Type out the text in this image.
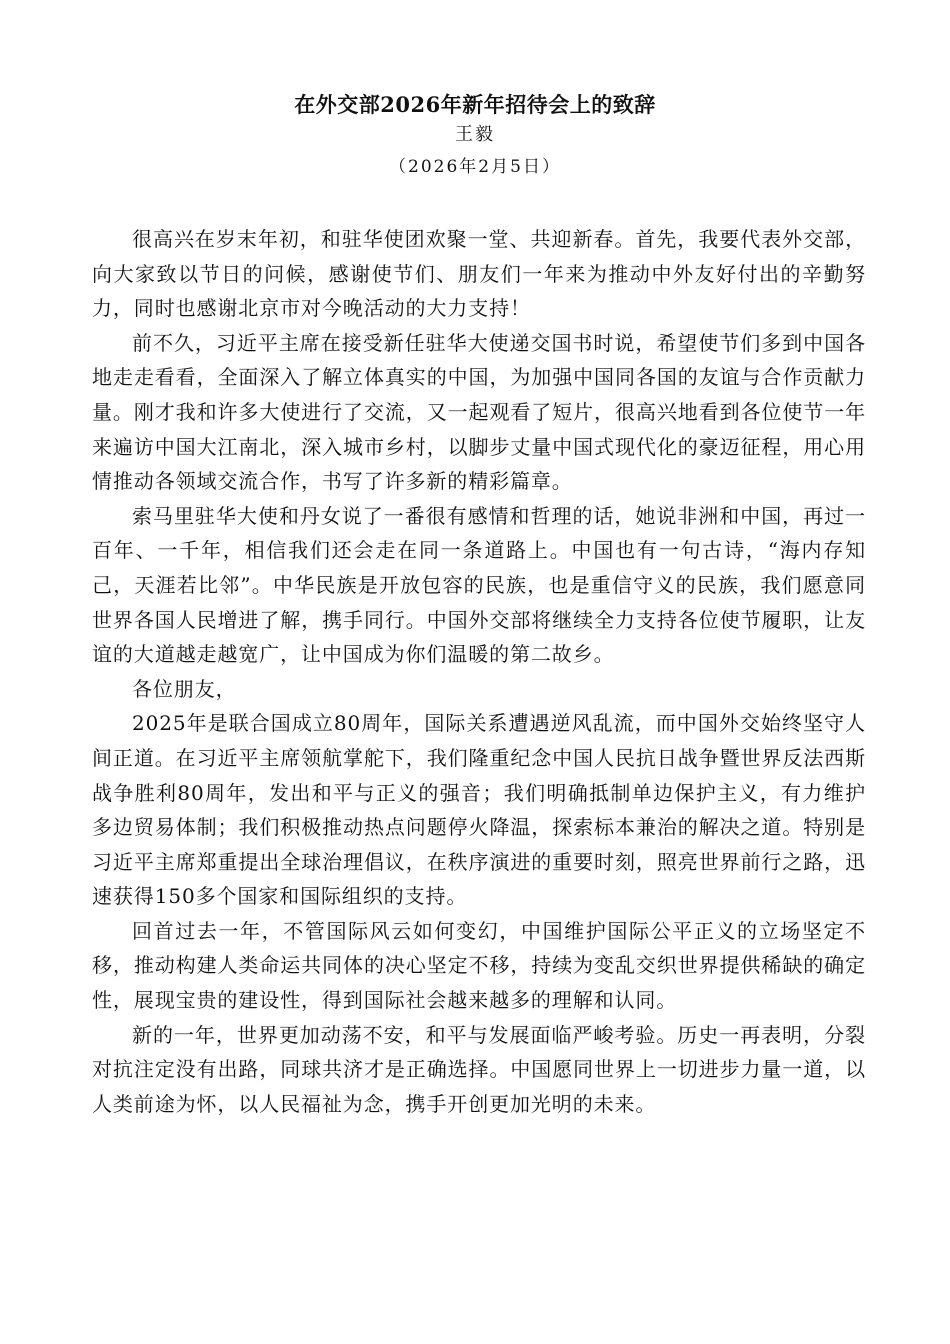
在外交部2026年新年招待会上的致辞

王毅

（2026年2月5日）

很高兴在岁末年初，和驻华使团欢聚一堂、共迎新春。首先，我要代表外交部，向大家致以节日的问候，感谢使节们、朋友们一年来为推动中外友好付出的辛勤努力，同时也感谢北京市对今晚活动的大力支持！

前不久，习近平主席在接受新任驻华大使递交国书时说，希望使节们多到中国各地走走看看，全面深入了解立体真实的中国，为加强中国同各国的友谊与合作贡献力量。刚才我和许多大使进行了交流，又一起观看了短片，很高兴地看到各位使节一年来遍访中国大江南北，深入城市乡村，以脚步丈量中国式现代化的豪迈征程，用心用情推动各领域交流合作，书写了许多新的精彩篇章。

索马里驻华大使和丹女说了一番很有感情和哲理的话，她说非洲和中国，再过一百年、一千年，相信我们还会走在同一条道路上。中国也有一句古诗，“海内存知己，天涯若比邻”。中华民族是开放包容的民族，也是重信守义的民族，我们愿意同世界各国人民增进了解，携手同行。中国外交部将继续全力支持各位使节履职，让友谊的大道越走越宽广，让中国成为你们温暖的第二故乡。

各位朋友，

2025年是联合国成立80周年，国际关系遭遇逆风乱流，而中国外交始终坚守人间正道。在习近平主席领航掌舵下，我们隆重纪念中国人民抗日战争暨世界反法西斯战争胜利80周年，发出和平与正义的强音；我们明确抵制单边保护主义，有力维护多边贸易体制；我们积极推动热点问题停火降温，探索标本兼治的解决之道。特别是习近平主席郑重提出全球治理倡议，在秩序演进的重要时刻，照亮世界前行之路，迅速获得150多个国家和国际组织的支持。

回首过去一年，不管国际风云如何变幻，中国维护国际公平正义的立场坚定不移，推动构建人类命运共同体的决心坚定不移，持续为变乱交织世界提供稀缺的确定性，展现宝贵的建设性，得到国际社会越来越多的理解和认同。

新的一年，世界更加动荡不安，和平与发展面临严峻考验。历史一再表明，分裂对抗注定没有出路，同球共济才是正确选择。中国愿同世界上一切进步力量一道，以人类前途为怀，以人民福祉为念，携手开创更加光明的未来。
